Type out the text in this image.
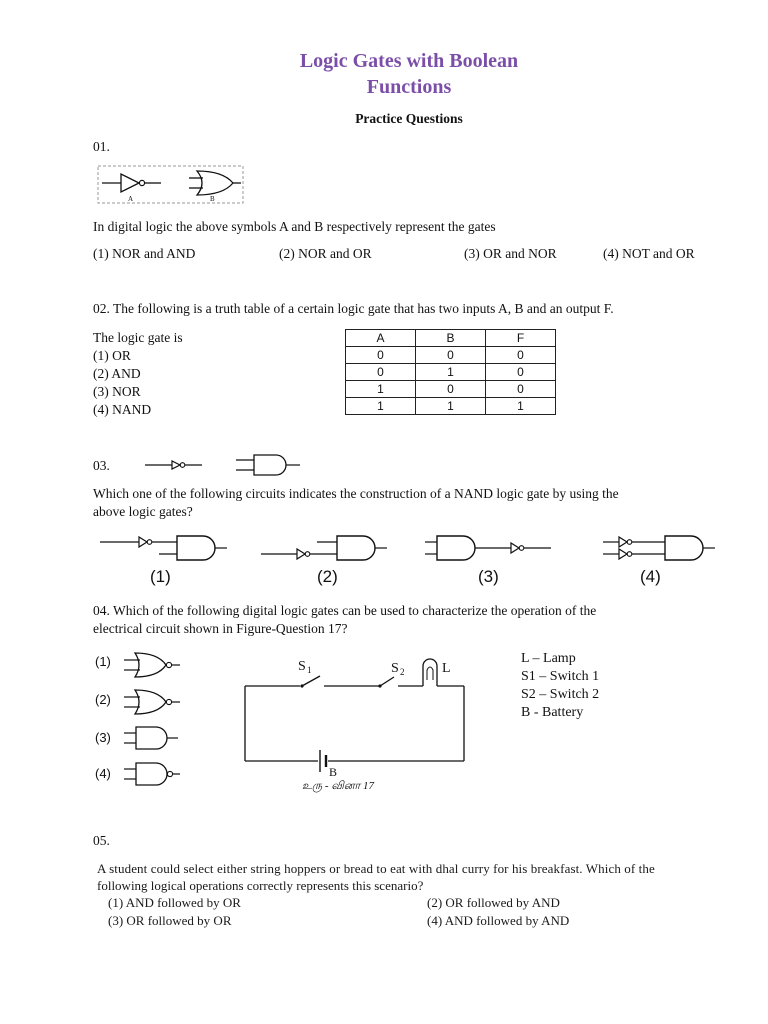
Logic Gates with Boolean
Functions
Practice Questions
01.
A	B
In digital logic the above symbols A and B respectively represent the gates
(1) NOR and AND	(2) NOR and OR	(3) OR and NOR	(4) NOT and OR
02. The following is a truth table of a certain logic gate that has two inputs A, B and an output F.
The logic gate is
(1) OR
(2) AND
(3) NOR
(4) NAND
A	B	F
0	0	0
0	1	0
1	0	0
1	1	1
03.
Which one of the following circuits indicates the construction of a NAND logic gate by using the
above logic gates?
(1)	(2)	(3)	(4)
04. Which of the following digital logic gates can be used to characterize the operation of the
electrical circuit shown in Figure-Question 17?
(1)
(2)
(3)
(4)
S 1	S 2	L
B
உரு - வினா 17
L – Lamp
S1 – Switch 1
S2 – Switch 2
B - Battery
05.
A student could select either string hoppers or bread to eat with dhal curry for his breakfast. Which of the
following logical operations correctly represents this scenario?
(1) AND followed by OR	(2) OR followed by AND
(3) OR followed by OR	(4) AND followed by AND
